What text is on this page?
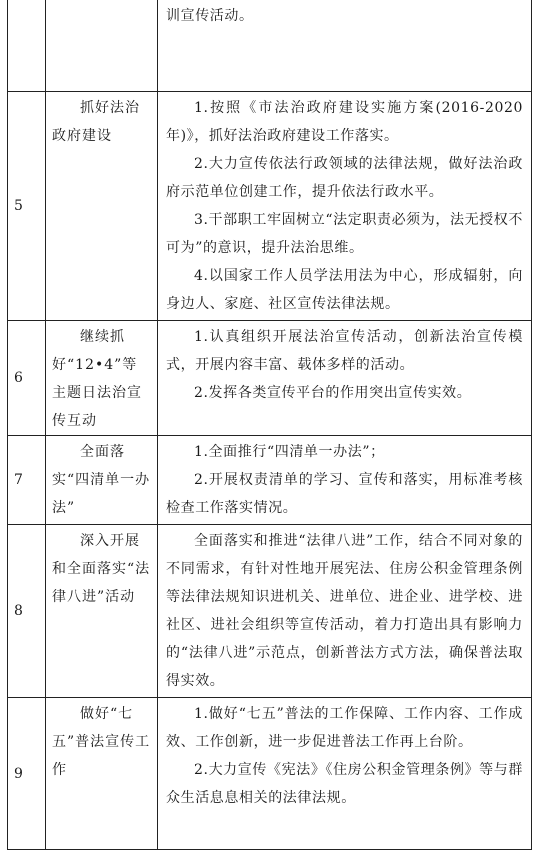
		训宣传活动。

5	抓好法治政府建设	1.按照《市法治政府建设实施方案(2016-2020年)》，抓好法治政府建设工作落实。

2.大力宣传依法行政领域的法律法规，做好法治政府示范单位创建工作，提升依法行政水平。

3.干部职工牢固树立“法定职责必须为，法无授权不可为”的意识，提升法治思维。

4.以国家工作人员学法用法为中心，形成辐射，向身边人、家庭、社区宣传法律法规。

6	继续抓好“12•4”等主题日法治宣传互动	1.认真组织开展法治宣传活动，创新法治宣传模式，开展内容丰富、载体多样的活动。

2.发挥各类宣传平台的作用突出宣传实效。

7	全面落实“四清单一办法”	1.全面推行“四清单一办法”；

2.开展权责清单的学习、宣传和落实，用标准考核检查工作落实情况。

8	深入开展和全面落实“法律八进”活动	全面落实和推进“法律八进”工作，结合不同对象的不同需求，有针对性地开展宪法、住房公积金管理条例等法律法规知识进机关、进单位、进企业、进学校、进社区、进社会组织等宣传活动，着力打造出具有影响力的“法律八进”示范点，创新普法方式方法，确保普法取得实效。

9	做好“七五”普法宣传工作	1.做好“七五”普法的工作保障、工作内容、工作成效、工作创新，进一步促进普法工作再上台阶。

2.大力宣传《宪法》《住房公积金管理条例》等与群众生活息息相关的法律法规。
